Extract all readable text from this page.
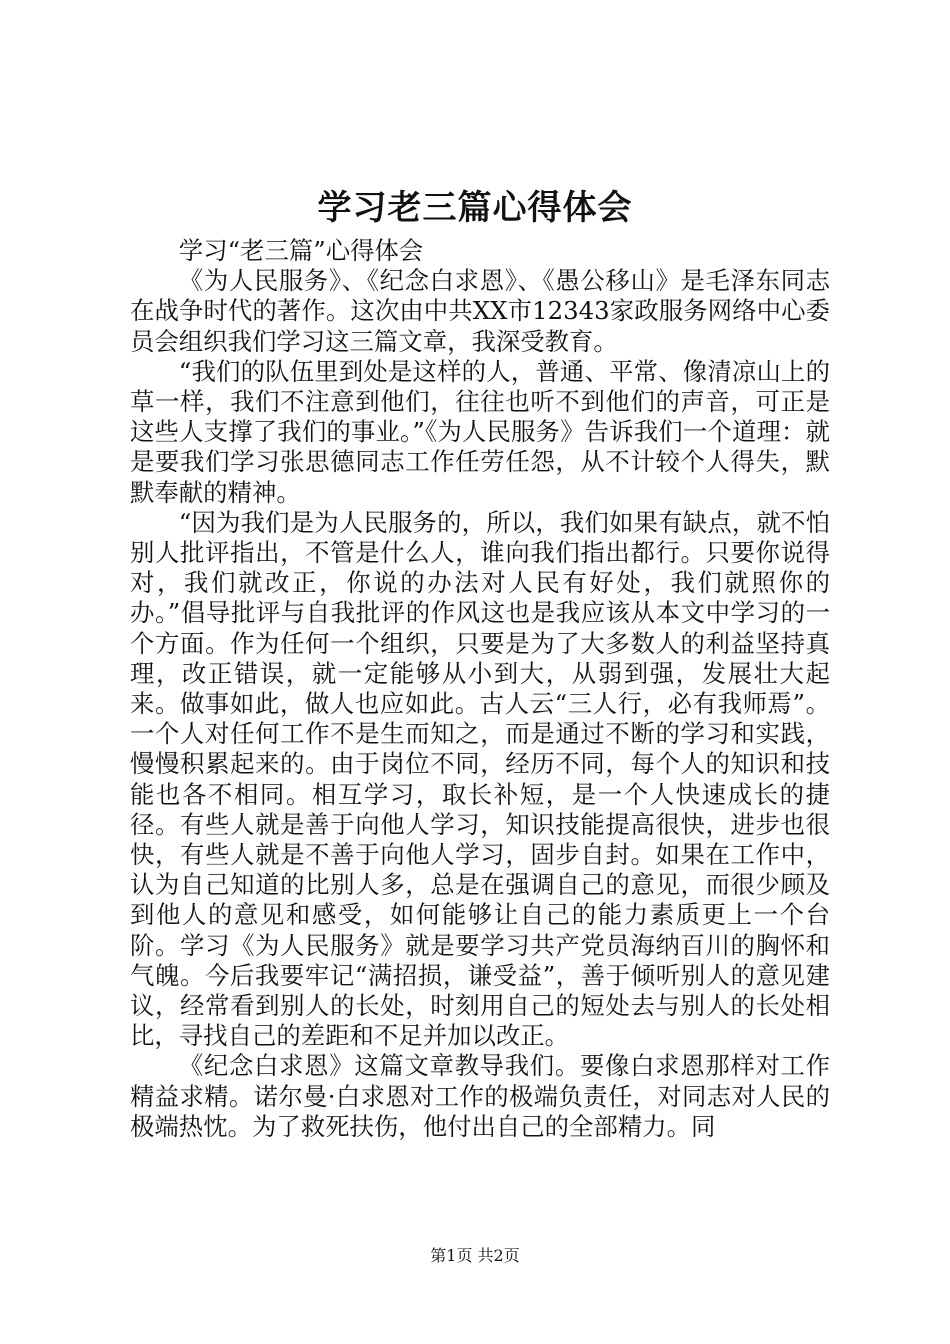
学习老三篇心得体会

学习“老三篇”心得体会

《为人民服务》、《纪念白求恩》、《愚公移山》是毛泽东同志在战争时代的著作。这次由中共XX市12343家政服务网络中心委员会组织我们学习这三篇文章，我深受教育。

“我们的队伍里到处是这样的人，普通、平常、像清凉山上的草一样，我们不注意到他们，往往也听不到他们的声音，可正是这些人支撑了我们的事业。”《为人民服务》告诉我们一个道理：就是要我们学习张思德同志工作任劳任怨，从不计较个人得失，默默奉献的精神。

“因为我们是为人民服务的，所以，我们如果有缺点，就不怕别人批评指出，不管是什么人，谁向我们指出都行。只要你说得对，我们就改正，你说的办法对人民有好处，我们就照你的办。”倡导批评与自我批评的作风这也是我应该从本文中学习的一个方面。作为任何一个组织，只要是为了大多数人的利益坚持真理，改正错误，就一定能够从小到大，从弱到强，发展壮大起来。做事如此，做人也应如此。古人云“三人行，必有我师焉”。一个人对任何工作不是生而知之，而是通过不断的学习和实践，慢慢积累起来的。由于岗位不同，经历不同，每个人的知识和技能也各不相同。相互学习，取长补短，是一个人快速成长的捷径。有些人就是善于向他人学习，知识技能提高很快，进步也很快，有些人就是不善于向他人学习，固步自封。如果在工作中，认为自己知道的比别人多，总是在强调自己的意见，而很少顾及到他人的意见和感受，如何能够让自己的能力素质更上一个台阶。学习《为人民服务》就是要学习共产党员海纳百川的胸怀和气魄。今后我要牢记“满招损，谦受益”，善于倾听别人的意见建议，经常看到别人的长处，时刻用自己的短处去与别人的长处相比，寻找自己的差距和不足并加以改正。

《纪念白求恩》这篇文章教导我们。要像白求恩那样对工作精益求精。诺尔曼·白求恩对工作的极端负责任，对同志对人民的极端热忱。为了救死扶伤，他付出自己的全部精力。同

第1页 共2页
